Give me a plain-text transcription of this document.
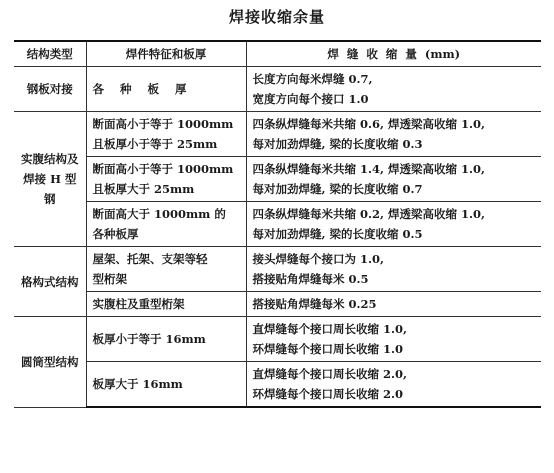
焊接收缩余量
结构类型	焊件特征和板厚	焊  缝  收  缩  量  (mm)
钢板对接	各 种 板 厚	长度方向每米焊缝 0.7,
宽度方向每个接口 1.0

实腹结构及焊接 H 型钢	断面高小于等于 1000mm
且板厚小于等于 25mm	四条纵焊缝每米共缩 0.6, 焊透梁高收缩 1.0,
每对加劲焊缝, 梁的长度收缩 0.3

	断面高小于等于 1000mm
且板厚大于 25mm	四条纵焊缝每米共缩 1.4, 焊透梁高收缩 1.0,
每对加劲焊缝, 梁的长度收缩 0.7

	断面高大于 1000mm 的
各种板厚	四条纵焊缝每米共缩 0.2, 焊透梁高收缩 1.0,
每对加劲焊缝, 梁的长度收缩 0.5

格构式结构	屋架、托架、支架等轻
型桁架	接头焊缝每个接口为 1.0,
搭接贴角焊缝每米 0.5

	实腹柱及重型桁架	搭接贴角焊缝每米 0.25

圆筒型结构	板厚小于等于 16mm	直焊缝每个接口周长收缩 1.0,
环焊缝每个接口周长收缩 1.0

	板厚大于 16mm	直焊缝每个接口周长收缩 2.0,
环焊缝每个接口周长收缩 2.0
